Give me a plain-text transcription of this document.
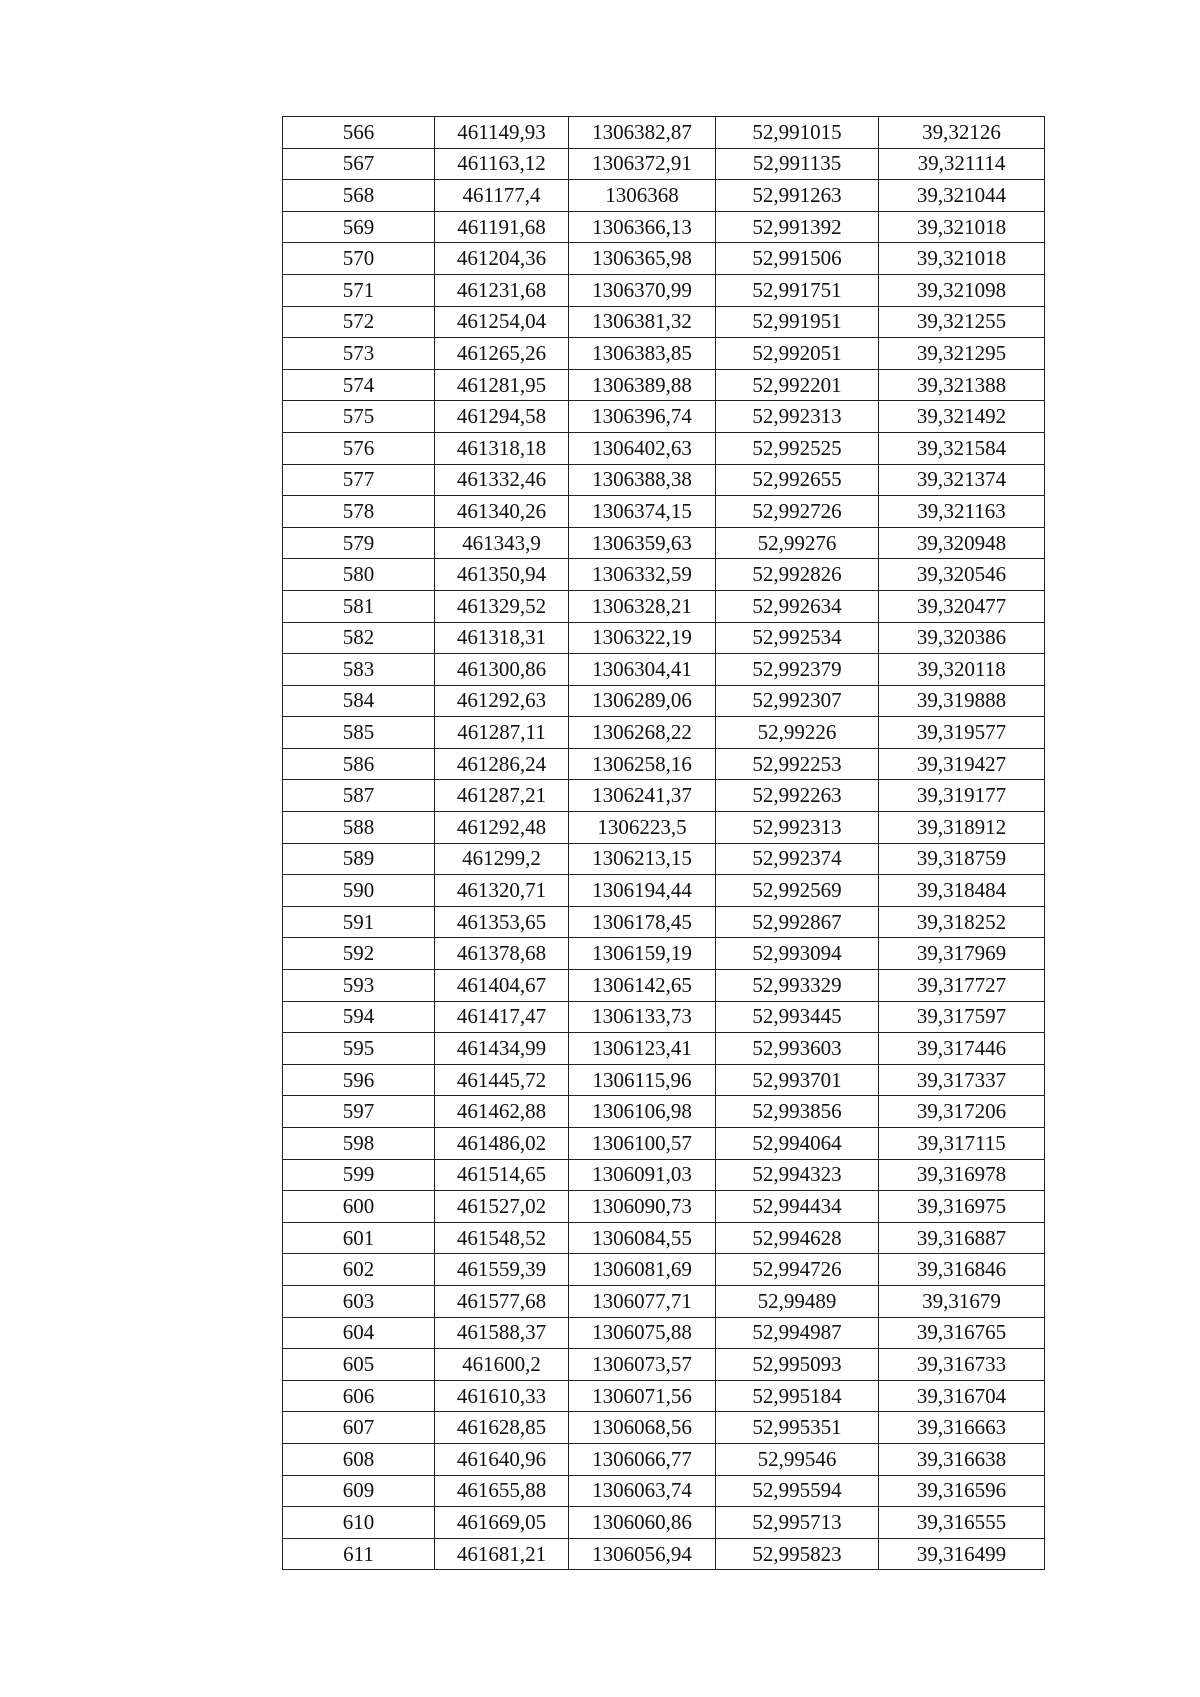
566	461149,93	1306382,87	52,991015	39,32126
567	461163,12	1306372,91	52,991135	39,321114
568	461177,4	1306368	52,991263	39,321044
569	461191,68	1306366,13	52,991392	39,321018
570	461204,36	1306365,98	52,991506	39,321018
571	461231,68	1306370,99	52,991751	39,321098
572	461254,04	1306381,32	52,991951	39,321255
573	461265,26	1306383,85	52,992051	39,321295
574	461281,95	1306389,88	52,992201	39,321388
575	461294,58	1306396,74	52,992313	39,321492
576	461318,18	1306402,63	52,992525	39,321584
577	461332,46	1306388,38	52,992655	39,321374
578	461340,26	1306374,15	52,992726	39,321163
579	461343,9	1306359,63	52,99276	39,320948
580	461350,94	1306332,59	52,992826	39,320546
581	461329,52	1306328,21	52,992634	39,320477
582	461318,31	1306322,19	52,992534	39,320386
583	461300,86	1306304,41	52,992379	39,320118
584	461292,63	1306289,06	52,992307	39,319888
585	461287,11	1306268,22	52,99226	39,319577
586	461286,24	1306258,16	52,992253	39,319427
587	461287,21	1306241,37	52,992263	39,319177
588	461292,48	1306223,5	52,992313	39,318912
589	461299,2	1306213,15	52,992374	39,318759
590	461320,71	1306194,44	52,992569	39,318484
591	461353,65	1306178,45	52,992867	39,318252
592	461378,68	1306159,19	52,993094	39,317969
593	461404,67	1306142,65	52,993329	39,317727
594	461417,47	1306133,73	52,993445	39,317597
595	461434,99	1306123,41	52,993603	39,317446
596	461445,72	1306115,96	52,993701	39,317337
597	461462,88	1306106,98	52,993856	39,317206
598	461486,02	1306100,57	52,994064	39,317115
599	461514,65	1306091,03	52,994323	39,316978
600	461527,02	1306090,73	52,994434	39,316975
601	461548,52	1306084,55	52,994628	39,316887
602	461559,39	1306081,69	52,994726	39,316846
603	461577,68	1306077,71	52,99489	39,31679
604	461588,37	1306075,88	52,994987	39,316765
605	461600,2	1306073,57	52,995093	39,316733
606	461610,33	1306071,56	52,995184	39,316704
607	461628,85	1306068,56	52,995351	39,316663
608	461640,96	1306066,77	52,99546	39,316638
609	461655,88	1306063,74	52,995594	39,316596
610	461669,05	1306060,86	52,995713	39,316555
611	461681,21	1306056,94	52,995823	39,316499
